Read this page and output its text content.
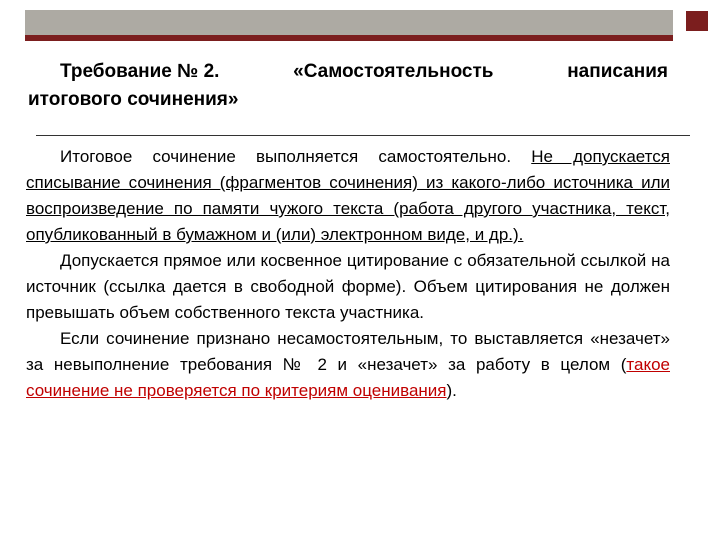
Требование № 2.	«Самостоятельность	написания
итогового сочинения»

Итоговое сочинение выполняется самостоятельно. Не допускается списывание сочинения (фрагментов сочинения) из какого-либо источника или воспроизведение по памяти чужого текста (работа другого участника, текст, опубликованный в бумажном и (или) электронном виде, и др.).

Допускается прямое или косвенное цитирование с обязательной ссылкой на источник (ссылка дается в свободной форме). Объем цитирования не должен превышать объем собственного текста участника.

Если сочинение признано несамостоятельным, то выставляется «незачет» за невыполнение требования № 2 и «незачет» за работу в целом (такое сочинение не проверяется по критериям оценивания).
